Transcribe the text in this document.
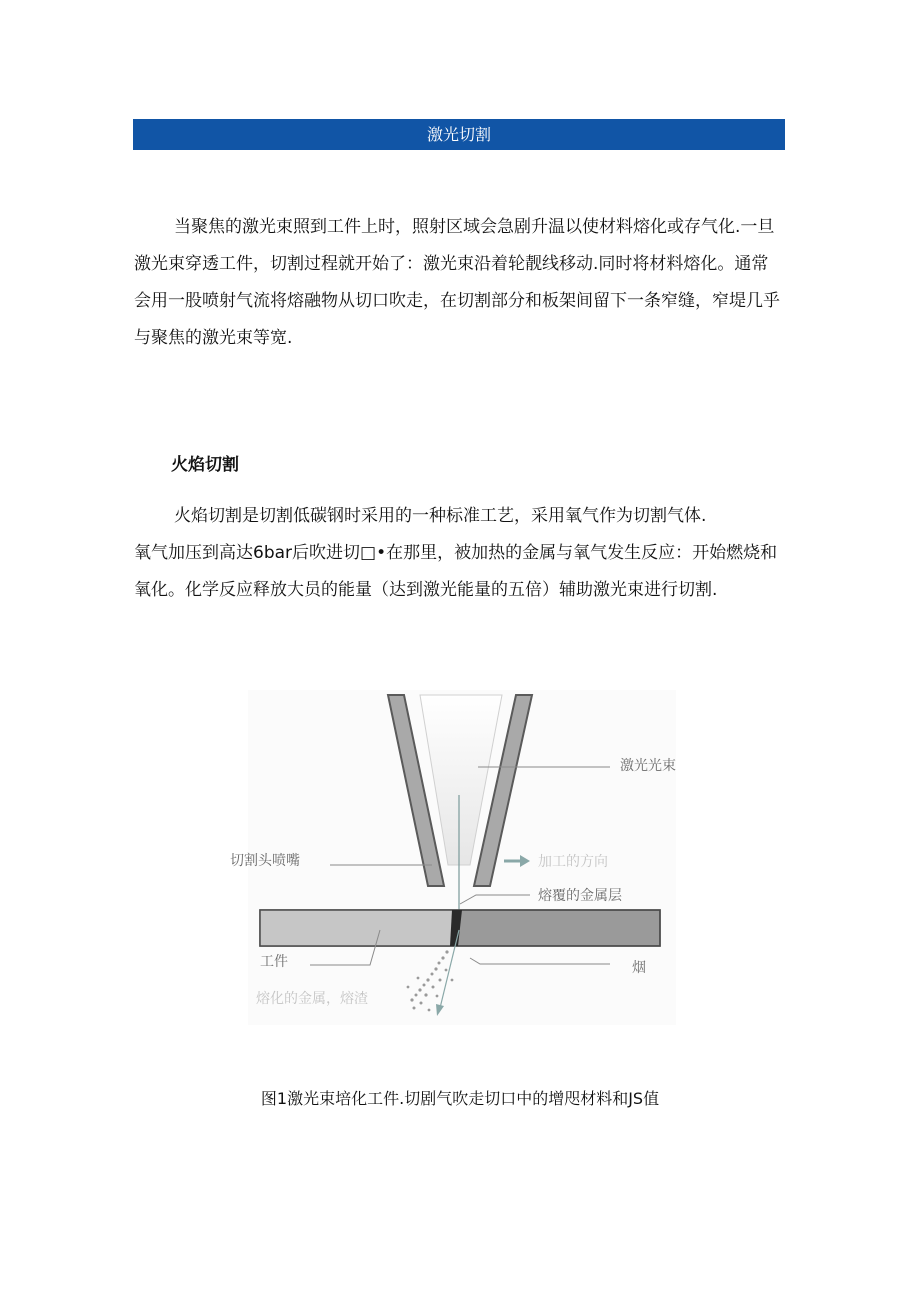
激光切割
当聚焦的激光束照到工件上时，照射区域会急剧升温以使材料熔化或存气化.一旦
激光束穿透工件，切割过程就开始了：激光束沿着轮靓线移动.同时将材料熔化。通常
会用一股喷射气流将熔融物从切口吹走，在切割部分和板架间留下一条窄缝，窄堤几乎
与聚焦的激光束等宽.
火焰切割
火焰切割是切割低碳钢时采用的一种标准工艺，采用氧气作为切割气体.
氧气加压到高达6bar后吹进切□•在那里，被加热的金属与氧气发生反应：开始燃烧和
氧化。化学反应释放大员的能量（达到激光能量的五倍）辅助激光束进行切割.
激光光束
切割头喷嘴	加工的方向
熔覆的金属层
工件	烟
熔化的金属，熔渣
图1激光束培化工件.切剧气吹走切口中的增咫材料和JS值
